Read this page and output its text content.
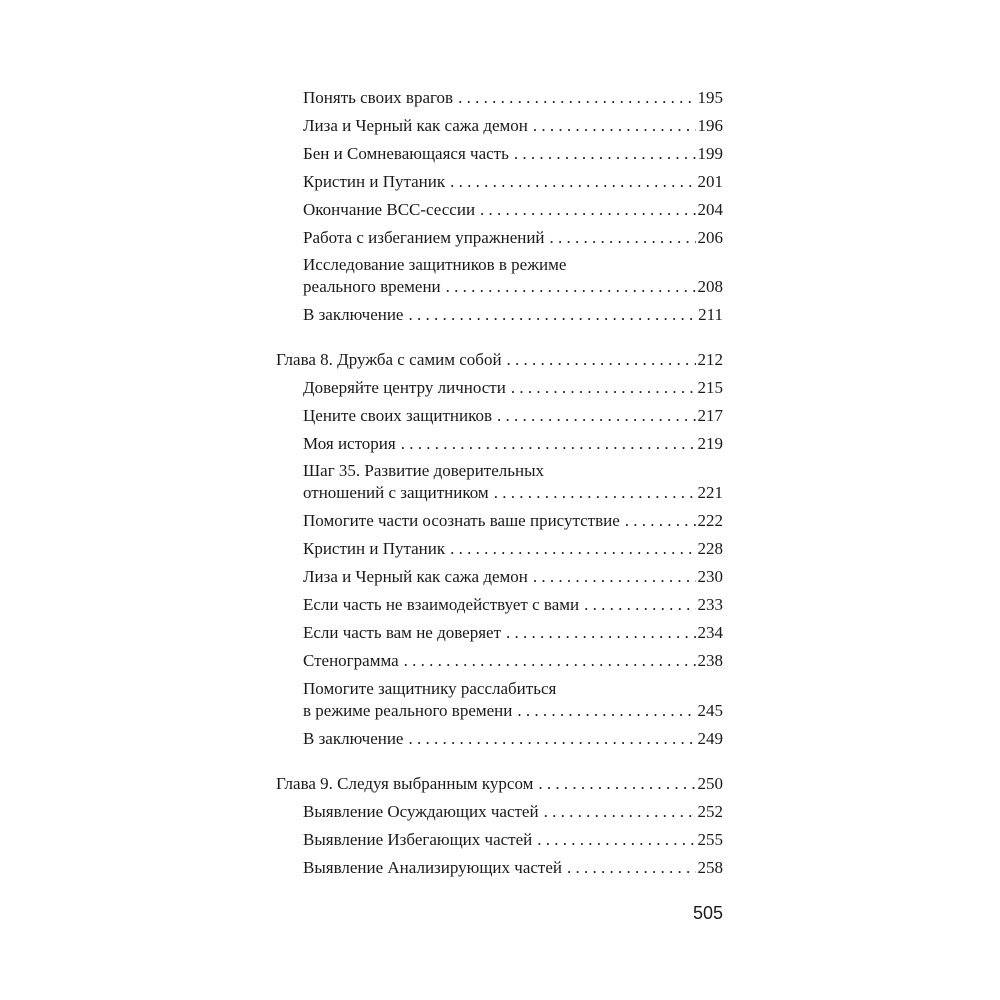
Понять своих врагов . . .	195
Лиза и Черный как сажа демон . . .	196
Бен и Сомневающаяся часть . . .	199
Кристин и Путаник . . .	201
Окончание ВСС-сессии . . .	204
Работа с избеганием упражнений . . .	206
Исследование защитников в режиме
реального времени . . .	208
В заключение . . .	211
Глава 8. Дружба с самим собой . . .	212
Доверяйте центру личности . . .	215
Цените своих защитников . . .	217
Моя история . . .	219
Шаг 35. Развитие доверительных
отношений с защитником . . .	221
Помогите части осознать ваше присутствие . . .	222
Кристин и Путаник . . .	228
Лиза и Черный как сажа демон . . .	230
Если часть не взаимодействует с вами . . .	233
Если часть вам не доверяет . . .	234
Стенограмма . . .	238
Помогите защитнику расслабиться
в режиме реального времени . . .	245
В заключение . . .	249
Глава 9. Следуя выбранным курсом . . .	250
Выявление Осуждающих частей . . .	252
Выявление Избегающих частей . . .	255
Выявление Анализирующих частей . . .	258
505
